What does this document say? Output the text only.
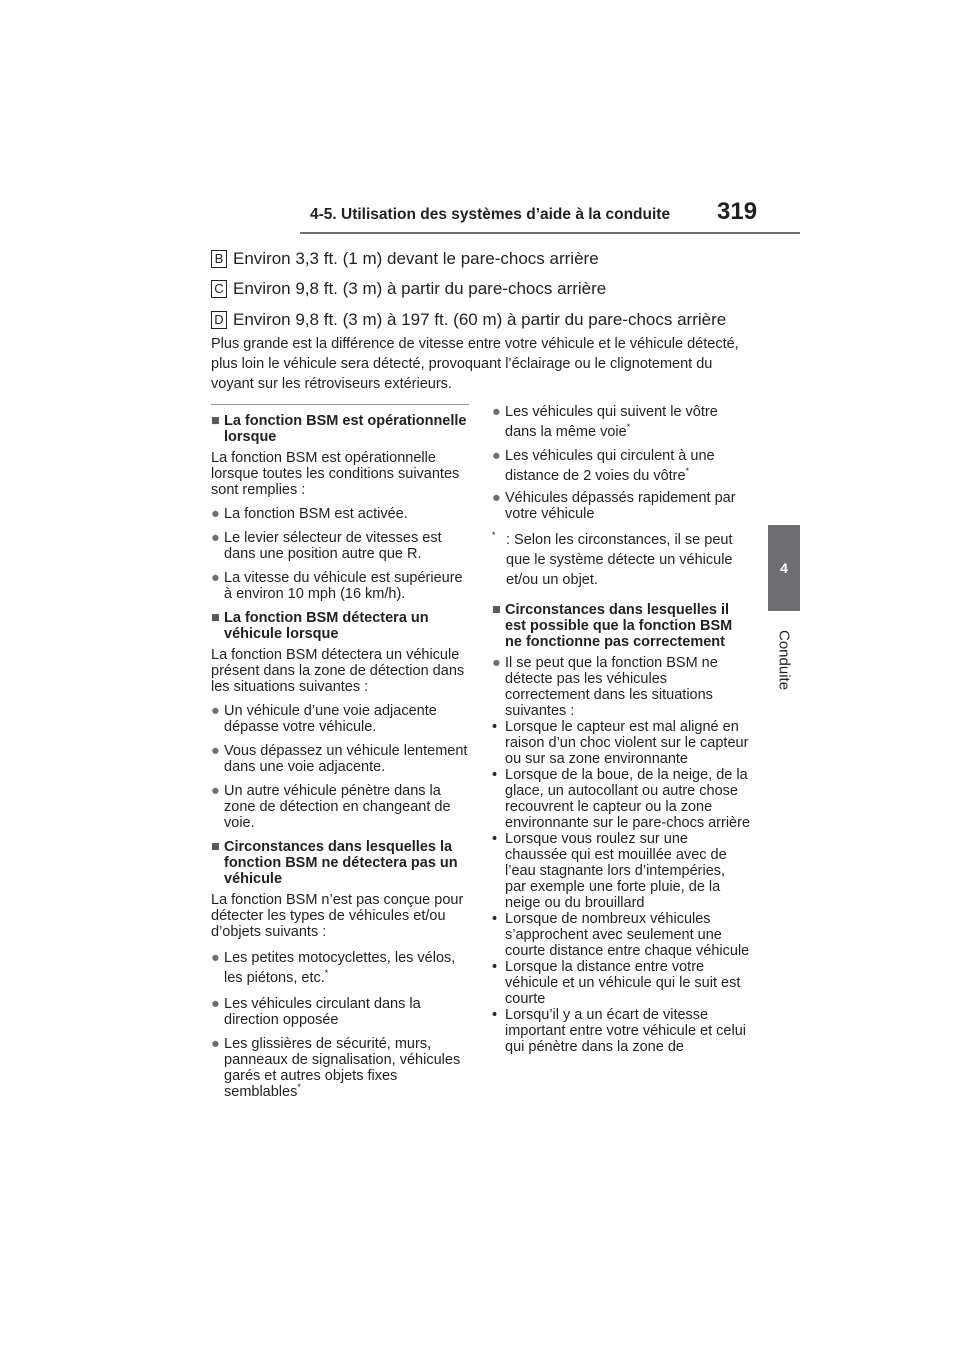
4-5. Utilisation des systèmes d’aide à la conduite 319
4
Conduite
B Environ 3,3 ft. (1 m) devant le pare-chocs arrière
C Environ 9,8 ft. (3 m) à partir du pare-chocs arrière
D Environ 9,8 ft. (3 m) à 197 ft. (60 m) à partir du pare-chocs arrière
Plus grande est la différence de vitesse entre votre véhicule et le véhicule détecté, plus loin le véhicule sera détecté, provoquant l’éclairage ou le clignotement du voyant sur les rétroviseurs extérieurs.
■ La fonction BSM est opérationnelle lorsque
La fonction BSM est opérationnelle lorsque toutes les conditions suivantes sont remplies :
● La fonction BSM est activée.
● Le levier sélecteur de vitesses est dans une position autre que R.
● La vitesse du véhicule est supérieure à environ 10 mph (16 km/h).
■ La fonction BSM détectera un véhicule lorsque
La fonction BSM détectera un véhicule présent dans la zone de détection dans les situations suivantes :
● Un véhicule d’une voie adjacente dépasse votre véhicule.
● Vous dépassez un véhicule lentement dans une voie adjacente.
● Un autre véhicule pénètre dans la zone de détection en changeant de voie.
■ Circonstances dans lesquelles la fonction BSM ne détectera pas un véhicule
La fonction BSM n’est pas conçue pour détecter les types de véhicules et/ou d’objets suivants :
● Les petites motocyclettes, les vélos, les piétons, etc.*
● Les véhicules circulant dans la direction opposée
● Les glissières de sécurité, murs, panneaux de signalisation, véhicules garés et autres objets fixes semblables*
● Les véhicules qui suivent le vôtre dans la même voie*
● Les véhicules qui circulent à une distance de 2 voies du vôtre*
● Véhicules dépassés rapidement par votre véhicule
* : Selon les circonstances, il se peut que le système détecte un véhicule et/ou un objet.
■ Circonstances dans lesquelles il est possible que la fonction BSM ne fonctionne pas correctement
● Il se peut que la fonction BSM ne détecte pas les véhicules correctement dans les situations suivantes :
• Lorsque le capteur est mal aligné en raison d’un choc violent sur le capteur ou sur sa zone environnante
• Lorsque de la boue, de la neige, de la glace, un autocollant ou autre chose recouvrent le capteur ou la zone environnante sur le pare-chocs arrière
• Lorsque vous roulez sur une chaussée qui est mouillée avec de l’eau stagnante lors d’intempéries, par exemple une forte pluie, de la neige ou du brouillard
• Lorsque de nombreux véhicules s’approchent avec seulement une courte distance entre chaque véhicule
• Lorsque la distance entre votre véhicule et un véhicule qui le suit est courte
• Lorsqu’il y a un écart de vitesse important entre votre véhicule et celui qui pénètre dans la zone de
